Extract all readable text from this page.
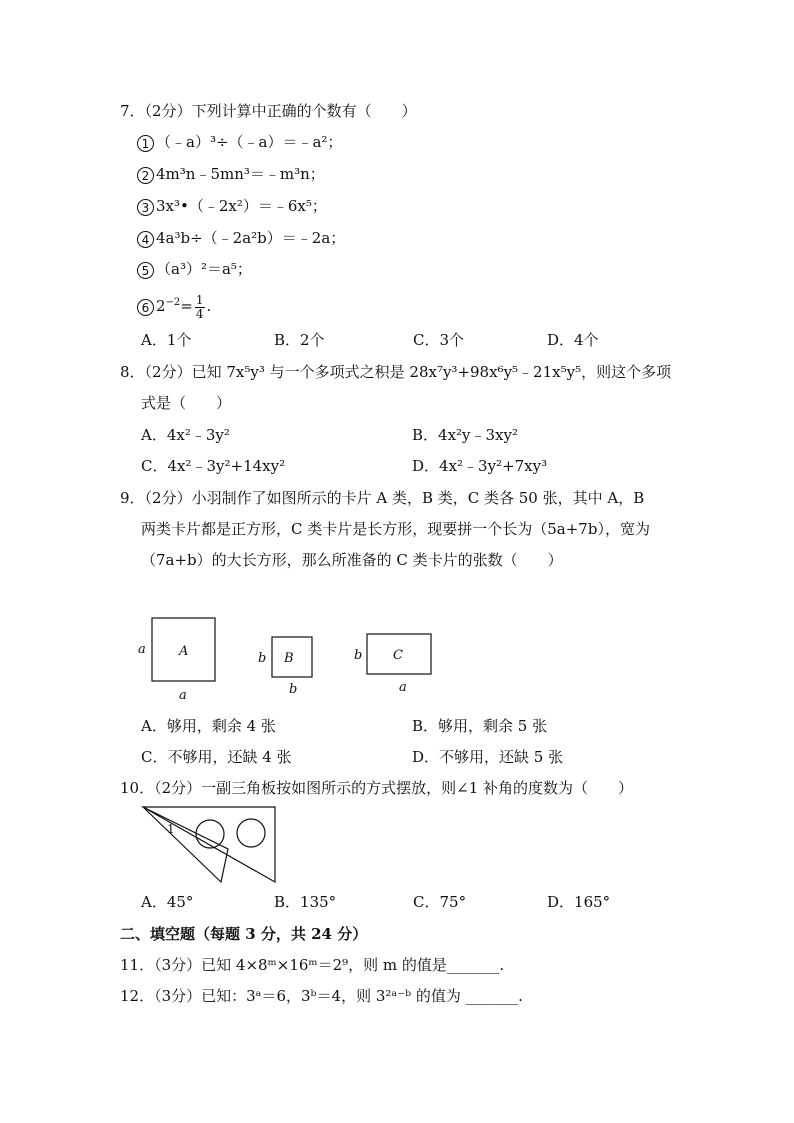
7．（2分）下列计算中正确的个数有（　　）
1 （﹣a）³÷（﹣a）＝﹣a²；
2 4m³n﹣5mn³＝﹣m³n；
3 3x³•（﹣2x²）＝﹣6x⁵；
4 4a³b÷（﹣2a²b）＝﹣2a；
5 （a³）²＝a⁵；
6 $2^{-2}= \frac{1}{4}$ .
A．1个	B．2个	C．3个	D．4个
8．（2分）已知 7x⁵y³ 与一个多项式之积是 28x⁷y³+98x⁶y⁵﹣21x⁵y⁵，则这个多项
式是（　　）
A．4x²﹣3y²	B．4x²y﹣3xy²
C．4x²﹣3y²+14xy²	D．4x²﹣3y²+7xy³
9．（2分）小羽制作了如图所示的卡片 A 类，B 类，C 类各 50 张，其中 A，B
两类卡片都是正方形，C 类卡片是长方形，现要拼一个长为（5a+7b），宽为
（7a+b）的大长方形，那么所准备的 C 类卡片的张数（　　）
A
a
a
B
b
b
C
b
a
A．够用，剩余 4 张	B．够用，剩余 5 张
C．不够用，还缺 4 张	D．不够用，还缺 5 张
10．（2分）一副三角板按如图所示的方式摆放，则∠1 补角的度数为（　　）
1
A．45°	B．135°	C．75°	D．165°
二、填空题（每题 3 分，共 24 分）
11．（3分）已知 4×8ᵐ×16ᵐ＝2⁹，则 m 的值是_______.
12．（3分）已知：3ᵃ＝6，3ᵇ＝4，则 3²ᵃ⁻ᵇ 的值为 _______.
